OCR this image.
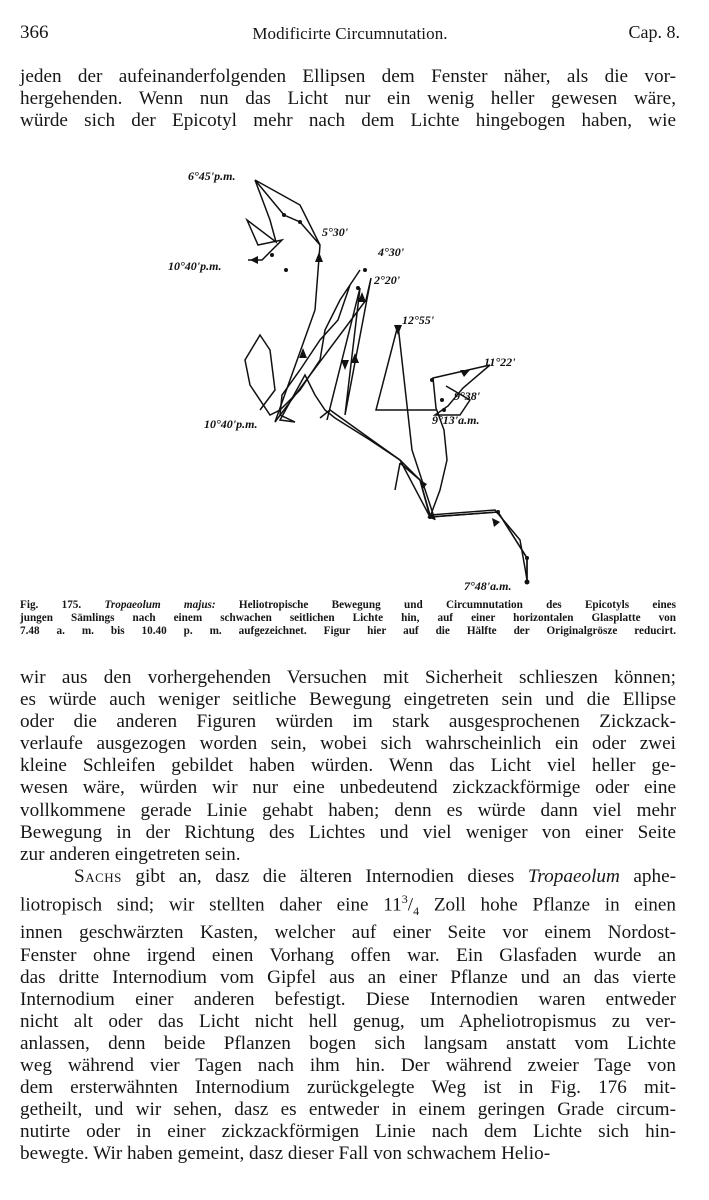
366	Modificirte Circumnutation.	Cap. 8.

jeden der aufeinanderfolgenden Ellipsen dem Fenster näher, als die vor-
hergehenden. Wenn nun das Licht nur ein wenig heller gewesen wäre,
würde sich der Epicotyl mehr nach dem Lichte hingebogen haben, wie

6°45'p.m.
5°30'
10°40'p.m.
4°30'
2°20'
12°55'
11°22'
9°38'
9°13'a.m.
10°40'p.m.
7°48'a.m.
Fig. 175. Tropaeolum majus: Heliotropische Bewegung und Circumnutation des Epicotyls eines
jungen Sämlings nach einem schwachen seitlichen Lichte hin, auf einer horizontalen Glasplatte von
7.48 a. m. bis 10.40 p. m. aufgezeichnet. Figur hier auf die Hälfte der Originalgrösze reducirt.

wir aus den vorhergehenden Versuchen mit Sicherheit schlieszen können;
es würde auch weniger seitliche Bewegung eingetreten sein und die Ellipse
oder die anderen Figuren würden im stark ausgesprochenen Zickzack-
verlaufe ausgezogen worden sein, wobei sich wahrscheinlich ein oder zwei
kleine Schleifen gebildet haben würden. Wenn das Licht viel heller ge-
wesen wäre, würden wir nur eine unbedeutend zickzackförmige oder eine
vollkommene gerade Linie gehabt haben; denn es würde dann viel mehr
Bewegung in der Richtung des Lichtes und viel weniger von einer Seite
zur anderen eingetreten sein.

Sachs gibt an, dasz die älteren Internodien dieses Tropaeolum aphe-
liotropisch sind; wir stellten daher eine $11^3/_4$ Zoll hohe Pflanze in einen
innen geschwärzten Kasten, welcher auf einer Seite vor einem Nordost-
Fenster ohne irgend einen Vorhang offen war. Ein Glasfaden wurde an
das dritte Internodium vom Gipfel aus an einer Pflanze und an das vierte
Internodium einer anderen befestigt. Diese Internodien waren entweder
nicht alt oder das Licht nicht hell genug, um Apheliotropismus zu ver-
anlassen, denn beide Pflanzen bogen sich langsam anstatt vom Lichte
weg während vier Tagen nach ihm hin. Der während zweier Tage von
dem ersterwähnten Internodium zurückgelegte Weg ist in Fig. 176 mit-
getheilt, und wir sehen, dasz es entweder in einem geringen Grade circum-
nutirte oder in einer zickzackförmigen Linie nach dem Lichte sich hin-
bewegte. Wir haben gemeint, dasz dieser Fall von schwachem Helio-
